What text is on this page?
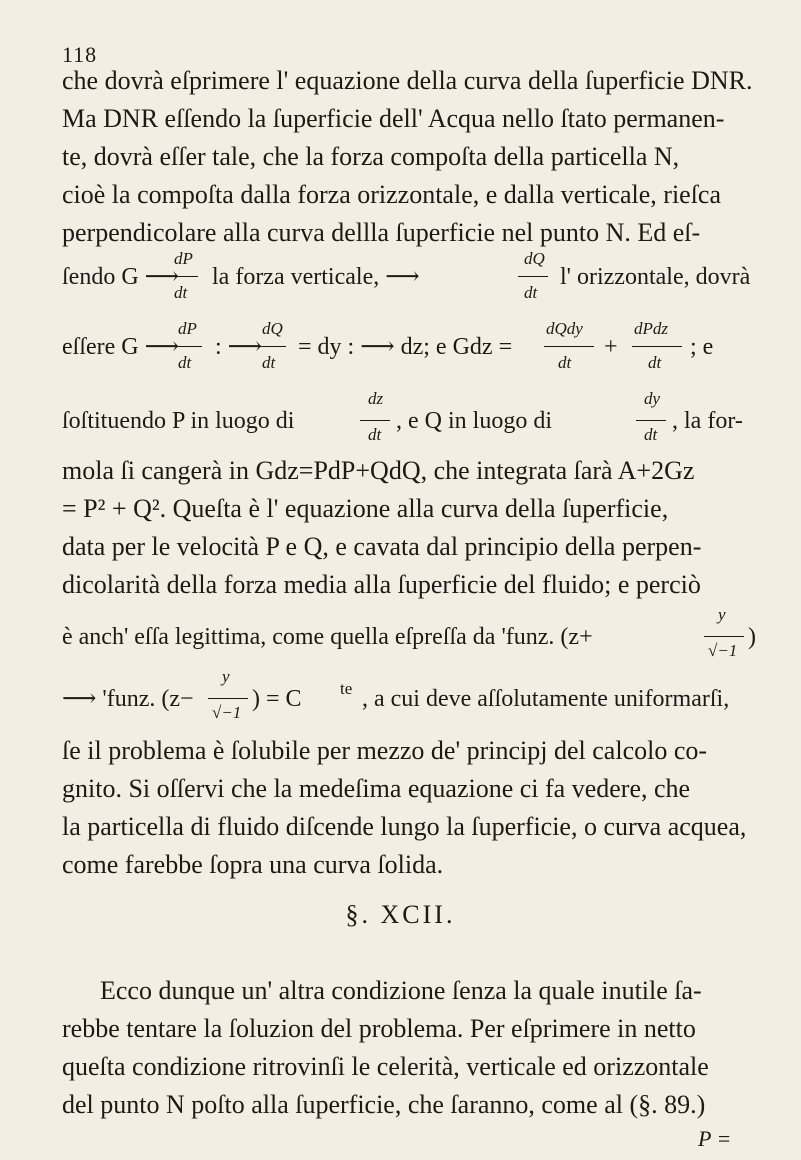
118
che dovrà eſprimere l' equazione della curva della ſuperficie DNR.
Ma DNR eſſendo la ſuperficie dell' Acqua nello ſtato permanen-
te, dovrà eſſer tale, che la forza compoſta della particella N,
cioè la compoſta dalla forza orizzontale, e dalla verticale, rieſca
perpendicolare alla curva dellla ſuperficie nel punto N. Ed eſ-
dP
dt
dQ
dt
ſendo G ⟶ la forza verticale, ⟶	l' orizzontale, dovrà
eſſere G ⟶
dP
dt
: ⟶
dQ
dt
= dy : ⟶ dz; e Gdz =
dQdy
dt
+
dPdz
dt
; e
ſoſtituendo P in luogo di
dz
dt
, e Q in luogo di
dy
dt
, la for-
mola ſi cangerà in Gdz=PdP+QdQ, che integrata ſarà A+2Gz
= P² + Q². Queſta è l' equazione alla curva della ſuperficie,
data per le velocità P e Q, e cavata dal principio della perpen-
dicolarità della forza media alla ſuperficie del fluido; e perciò
è anch' eſſa legittima, come quella eſpreſſa da 'funz. (z+
y
√−1
)
⟶ 'funz. (z−
y
√−1
) = C te , a cui deve aſſolutamente uniformarſi,
ſe il problema è ſolubile per mezzo de' principj del calcolo co-
gnito. Si oſſervi che la medeſima equazione ci fa vedere, che
la particella di fluido diſcende lungo la ſuperficie, o curva acquea,
come farebbe ſopra una curva ſolida.
§. XCII.
Ecco dunque un' altra condizione ſenza la quale inutile ſa-
rebbe tentare la ſoluzion del problema. Per eſprimere in netto
queſta condizione ritrovinſi le celerità, verticale ed orizzontale
del punto N poſto alla ſuperficie, che ſaranno, come al (§. 89.)
P =
